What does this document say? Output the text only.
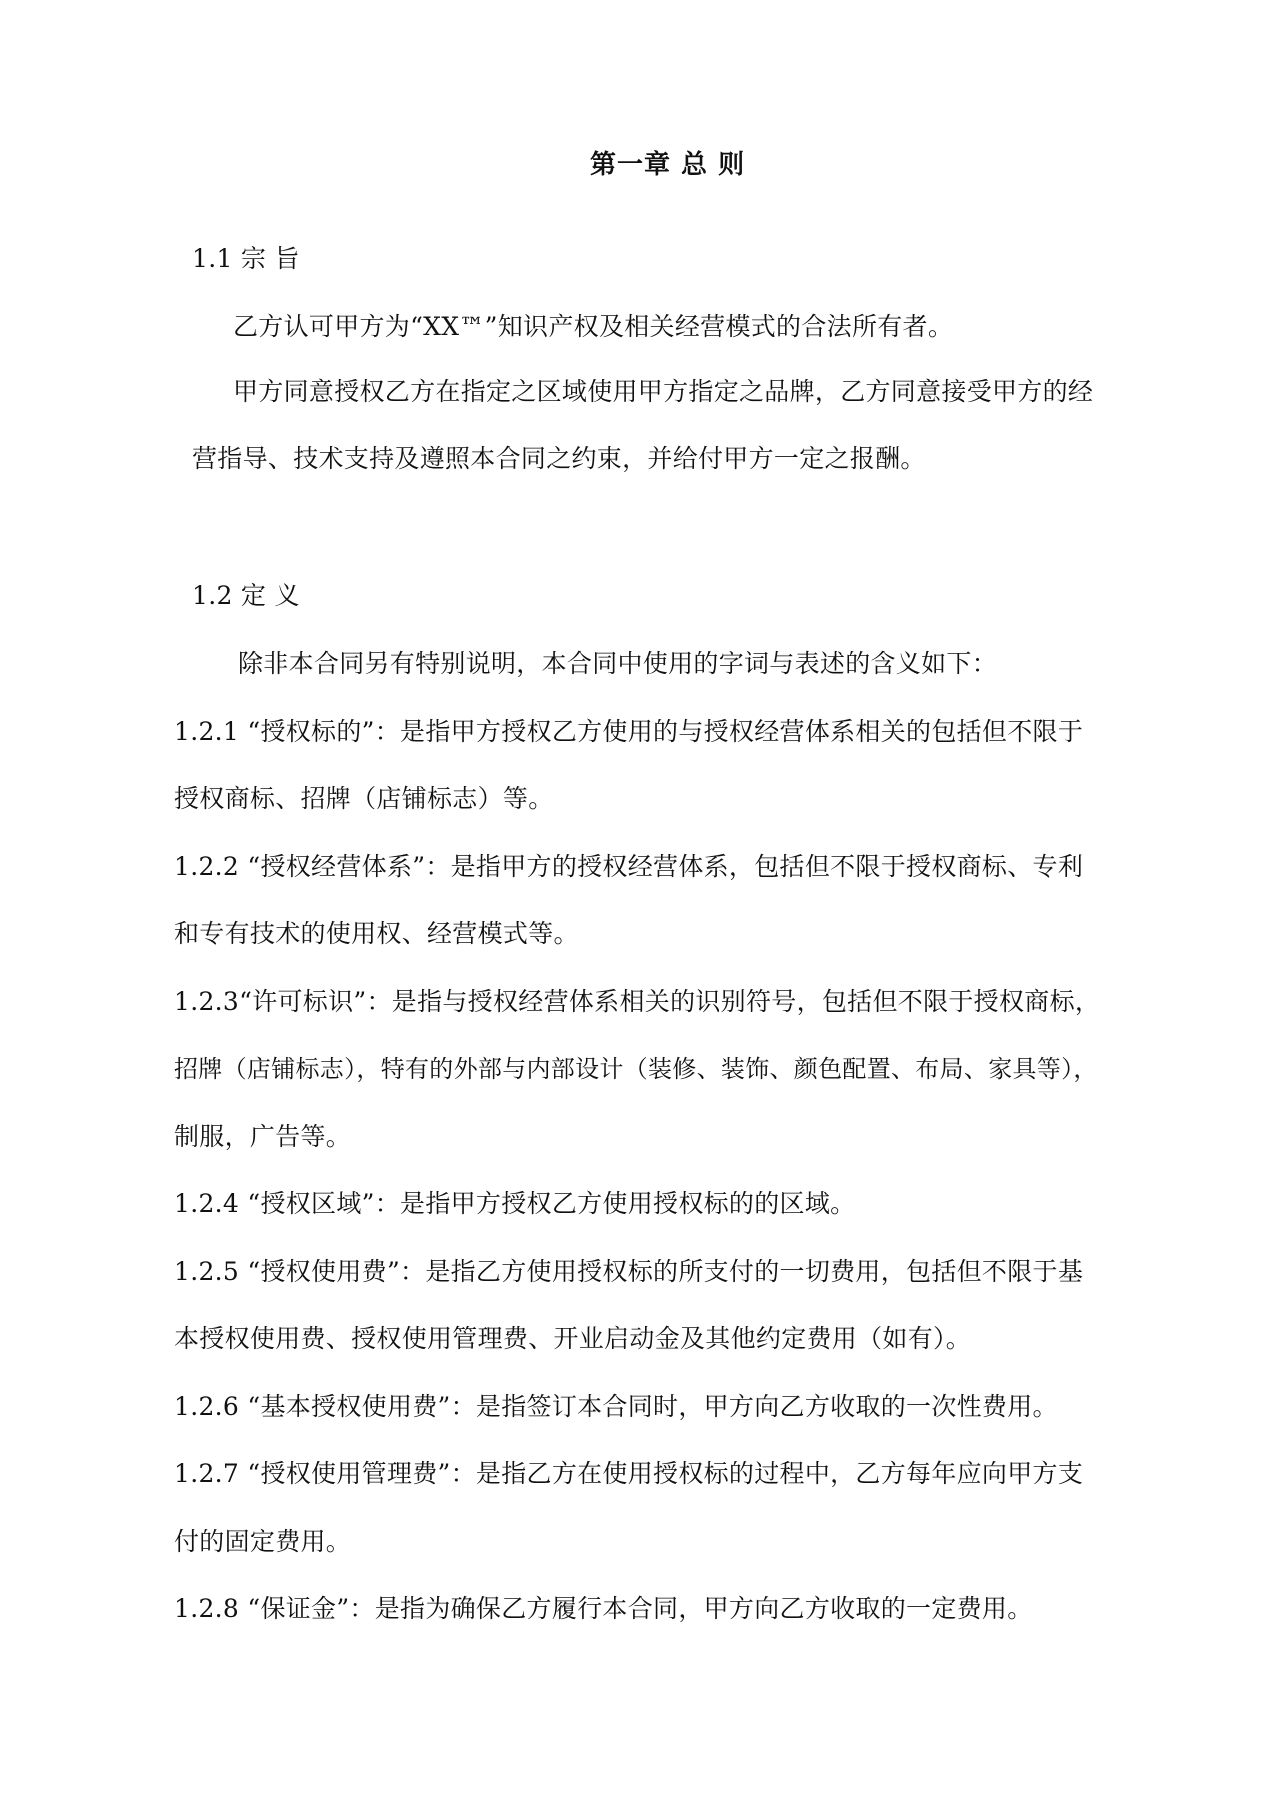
第一章 总 则
1.1 宗 旨
乙方认可甲方为“XX™”知识产权及相关经营模式的合法所有者。
甲方同意授权乙方在指定之区域使用甲方指定之品牌，乙方同意接受甲方的经
营指导、技术支持及遵照本合同之约束，并给付甲方一定之报酬。
1.2 定 义
除非本合同另有特别说明，本合同中使用的字词与表述的含义如下：
1.2.1 “授权标的”：是指甲方授权乙方使用的与授权经营体系相关的包括但不限于
授权商标、招牌（店铺标志）等。
1.2.2 “授权经营体系”：是指甲方的授权经营体系，包括但不限于授权商标、专利
和专有技术的使用权、经营模式等。
1.2.3“许可标识”：是指与授权经营体系相关的识别符号，包括但不限于授权商标，
招牌（店铺标志），特有的外部与内部设计（装修、装饰、颜色配置、布局、家具等），
制服，广告等。
1.2.4 “授权区域”：是指甲方授权乙方使用授权标的的区域。
1.2.5 “授权使用费”：是指乙方使用授权标的所支付的一切费用，包括但不限于基
本授权使用费、授权使用管理费、开业启动金及其他约定费用（如有）。
1.2.6 “基本授权使用费”：是指签订本合同时，甲方向乙方收取的一次性费用。
1.2.7 “授权使用管理费”：是指乙方在使用授权标的过程中，乙方每年应向甲方支
付的固定费用。
1.2.8 “保证金”：是指为确保乙方履行本合同，甲方向乙方收取的一定费用。
